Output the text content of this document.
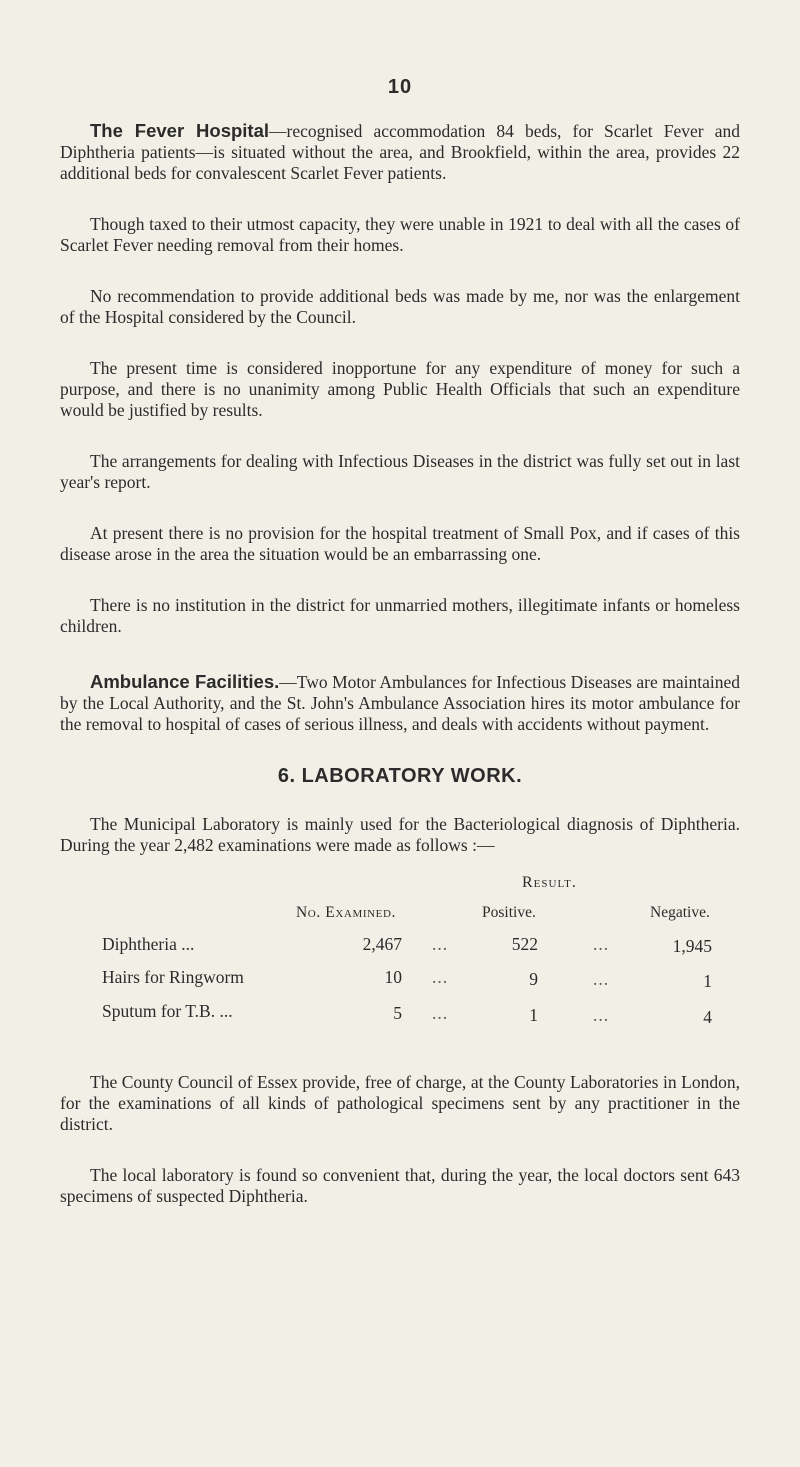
10

The Fever Hospital—recognised accommodation 84 beds, for Scarlet Fever and Diphtheria patients—is situated without the area, and Brookfield, within the area, provides 22 additional beds for convalescent Scarlet Fever patients.

Though taxed to their utmost capacity, they were unable in 1921 to deal with all the cases of Scarlet Fever needing removal from their homes.

No recommendation to provide additional beds was made by me, nor was the enlargement of the Hospital considered by the Council.

The present time is considered inopportune for any expenditure of money for such a purpose, and there is no unanimity among Public Health Officials that such an expenditure would be justified by results.

The arrangements for dealing with Infectious Diseases in the district was fully set out in last year's report.

At present there is no provision for the hospital treatment of Small Pox, and if cases of this disease arose in the area the situation would be an embarrassing one.

There is no institution in the district for unmarried mothers, illegitimate infants or homeless children.

Ambulance Facilities.—Two Motor Ambulances for Infectious Diseases are maintained by the Local Authority, and the St. John's Ambulance Association hires its motor ambulance for the removal to hospital of cases of serious illness, and deals with accidents without payment.

6. LABORATORY WORK.

The Municipal Laboratory is mainly used for the Bacteriological diagnosis of Diphtheria. During the year 2,482 examinations were made as follows :—

Result.
No. Examined.	Positive.	Negative.
Diphtheria ...	2,467 ...	522	...	1,945
Hairs for Ringworm	10 ...	9	...	1
Sputum for T.B. ...	5 ...	1	...	4

The County Council of Essex provide, free of charge, at the County Laboratories in London, for the examinations of all kinds of pathological specimens sent by any practitioner in the district.

The local laboratory is found so convenient that, during the year, the local doctors sent 643 specimens of suspected Diphtheria.
